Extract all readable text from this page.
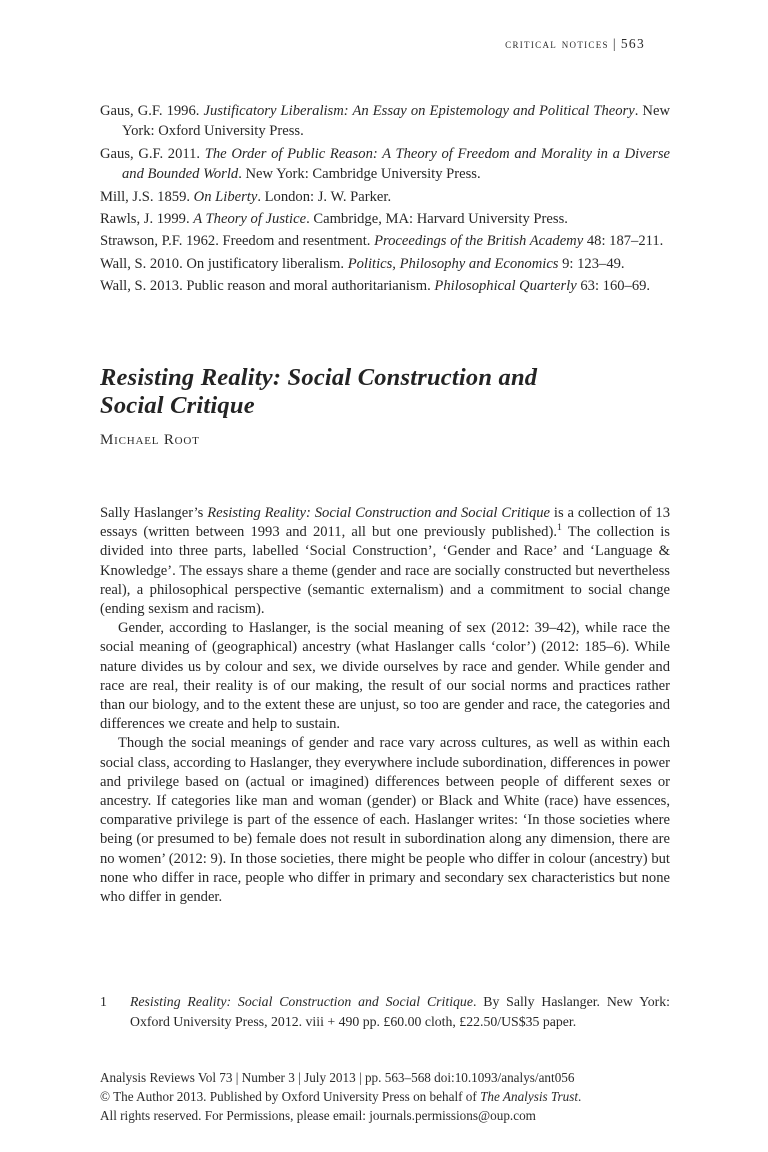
critical notices | 563

Gaus, G.F. 1996. Justificatory Liberalism: An Essay on Epistemology and Political Theory. New York: Oxford University Press.

Gaus, G.F. 2011. The Order of Public Reason: A Theory of Freedom and Morality in a Diverse and Bounded World. New York: Cambridge University Press.

Mill, J.S. 1859. On Liberty. London: J. W. Parker.

Rawls, J. 1999. A Theory of Justice. Cambridge, MA: Harvard University Press.

Strawson, P.F. 1962. Freedom and resentment. Proceedings of the British Academy 48: 187–211.

Wall, S. 2010. On justificatory liberalism. Politics, Philosophy and Economics 9: 123–49.

Wall, S. 2013. Public reason and moral authoritarianism. Philosophical Quarterly 63: 160–69.

Resisting Reality: Social Construction and
Social Critique
Michael Root

Sally Haslanger’s Resisting Reality: Social Construction and Social Critique is a collection of 13 essays (written between 1993 and 2011, all but one previously published).$^1$ The collection is divided into three parts, labelled ‘Social Construction’, ‘Gender and Race’ and ‘Language & Knowledge’. The essays share a theme (gender and race are socially constructed but nevertheless real), a philosophical perspective (semantic externalism) and a commitment to social change (ending sexism and racism).

Gender, according to Haslanger, is the social meaning of sex (2012: 39–42), while race the social meaning of (geographical) ancestry (what Haslanger calls ‘color’) (2012: 185–6). While nature divides us by colour and sex, we divide ourselves by race and gender. While gender and race are real, their reality is of our making, the result of our social norms and practices rather than our biology, and to the extent these are unjust, so too are gender and race, the categories and differences we create and help to sustain.

Though the social meanings of gender and race vary across cultures, as well as within each social class, according to Haslanger, they everywhere include subordination, differences in power and privilege based on (actual or imagined) differences between people of different sexes or ancestry. If categories like man and woman (gender) or Black and White (race) have essences, comparative privilege is part of the essence of each. Haslanger writes: ‘In those societies where being (or presumed to be) female does not result in subordination along any dimension, there are no women’ (2012: 9). In those societies, there might be people who differ in colour (ancestry) but none who differ in race, people who differ in primary and secondary sex characteristics but none who differ in gender.

1	Resisting Reality: Social Construction and Social Critique. By Sally Haslanger. New York: Oxford University Press, 2012. viii + 490 pp. £60.00 cloth, £22.50/US$35 paper.

Analysis Reviews Vol 73 | Number 3 | July 2013 | pp. 563–568 doi:10.1093/analys/ant056

© The Author 2013. Published by Oxford University Press on behalf of The Analysis Trust.

All rights reserved. For Permissions, please email: journals.permissions@oup.com
